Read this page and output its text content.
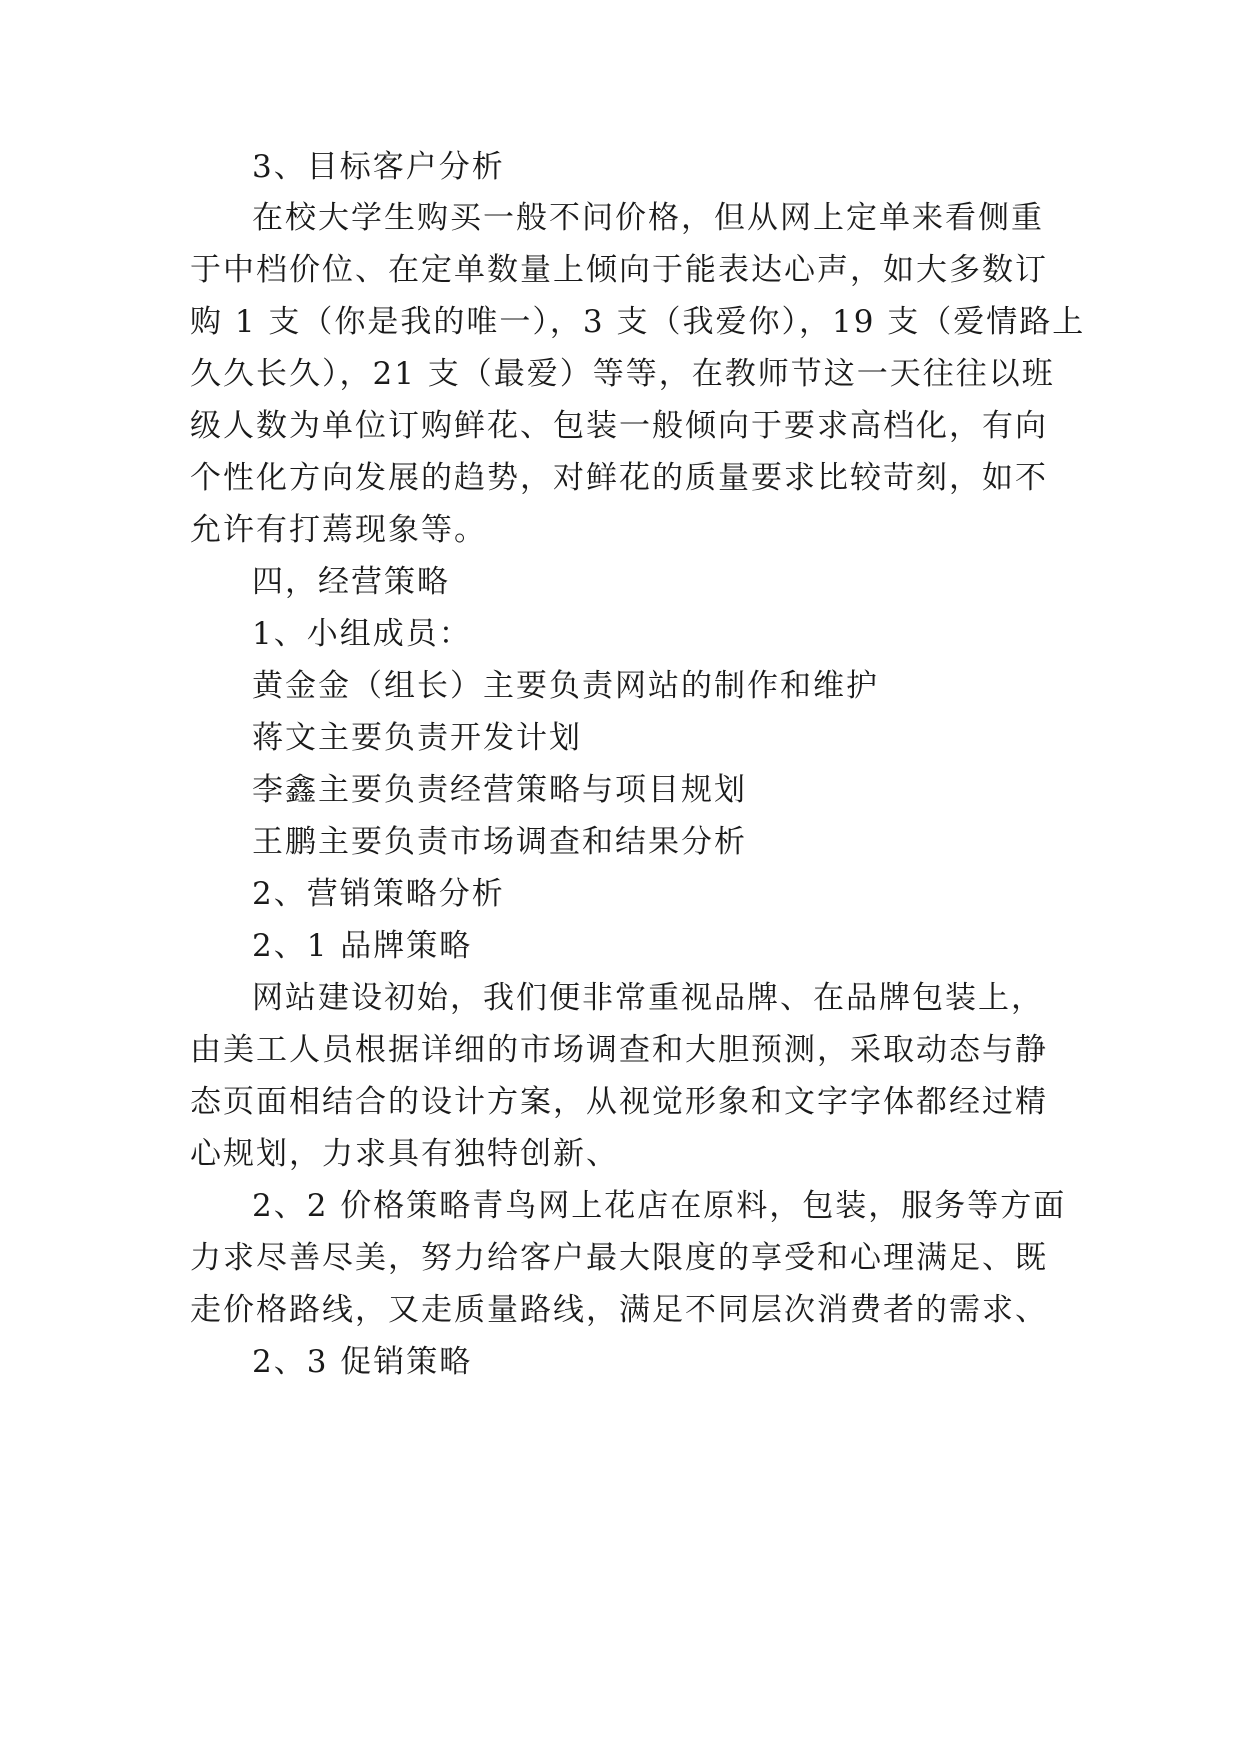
3、目标客户分析
在校大学生购买一般不问价格，但从网上定单来看侧重
于中档价位、在定单数量上倾向于能表达心声，如大多数订
购 1 支（你是我的唯一），3 支（我爱你），19 支（爱情路上
久久长久），21 支（最爱）等等，在教师节这一天往往以班
级人数为单位订购鲜花、包装一般倾向于要求高档化，有向
个性化方向发展的趋势，对鲜花的质量要求比较苛刻，如不
允许有打蔫现象等。
四，经营策略
1、小组成员：
黄金金（组长）主要负责网站的制作和维护
蒋文主要负责开发计划
李鑫主要负责经营策略与项目规划
王鹏主要负责市场调查和结果分析
2、营销策略分析
2、1 品牌策略
网站建设初始，我们便非常重视品牌、在品牌包装上，
由美工人员根据详细的市场调查和大胆预测，采取动态与静
态页面相结合的设计方案，从视觉形象和文字字体都经过精
心规划，力求具有独特创新、
2、2 价格策略青鸟网上花店在原料，包装，服务等方面
力求尽善尽美，努力给客户最大限度的享受和心理满足、既
走价格路线，又走质量路线，满足不同层次消费者的需求、
2、3 促销策略
